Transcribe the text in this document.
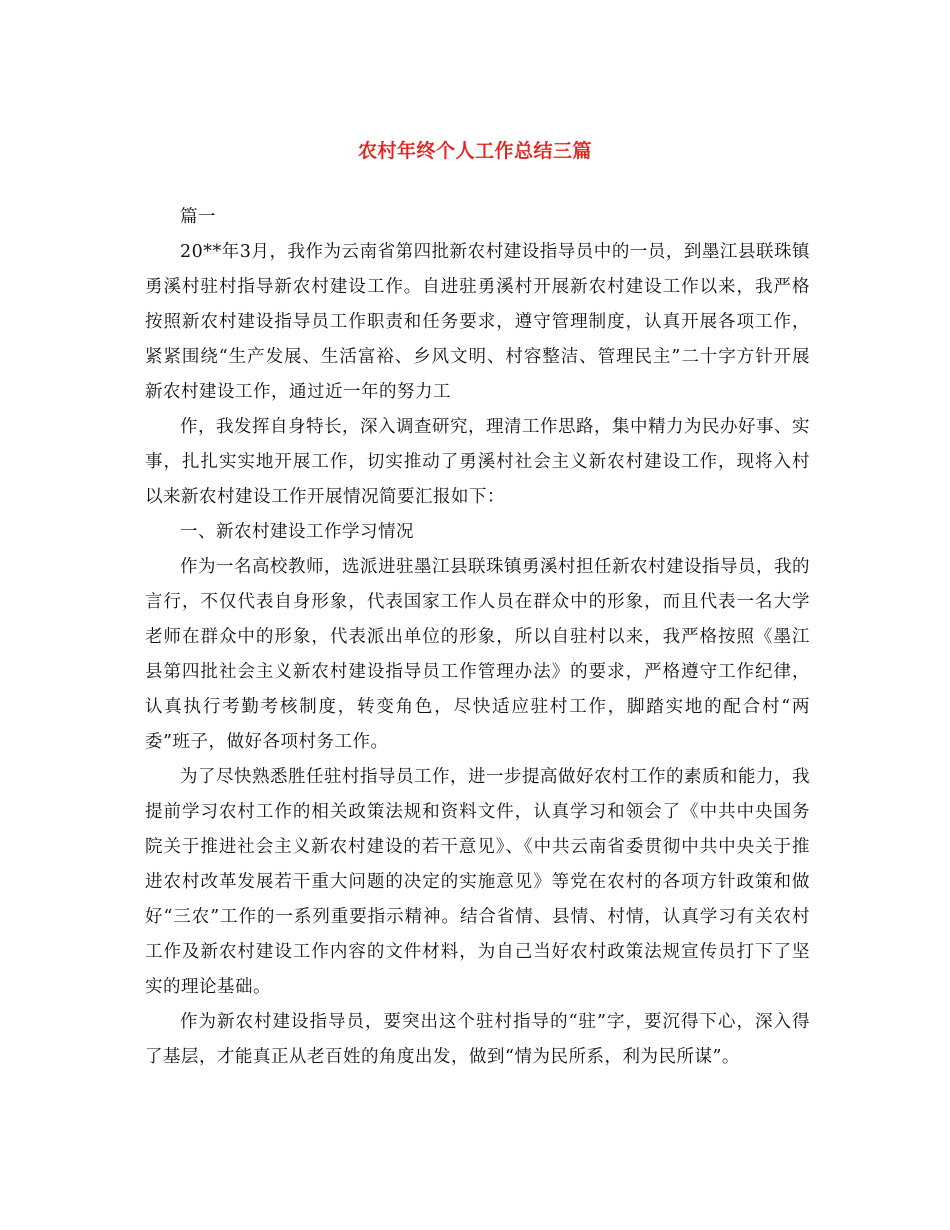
农村年终个人工作总结三篇

篇一

20**年3月，我作为云南省第四批新农村建设指导员中的一员，到墨江县联珠镇勇溪村驻村指导新农村建设工作。自进驻勇溪村开展新农村建设工作以来，我严格按照新农村建设指导员工作职责和任务要求，遵守管理制度，认真开展各项工作，紧紧围绕“生产发展、生活富裕、乡风文明、村容整洁、管理民主”二十字方针开展新农村建设工作，通过近一年的努力工

作，我发挥自身特长，深入调查研究，理清工作思路，集中精力为民办好事、实事，扎扎实实地开展工作，切实推动了勇溪村社会主义新农村建设工作，现将入村以来新农村建设工作开展情况简要汇报如下：

一、新农村建设工作学习情况

作为一名高校教师，选派进驻墨江县联珠镇勇溪村担任新农村建设指导员，我的言行，不仅代表自身形象，代表国家工作人员在群众中的形象，而且代表一名大学老师在群众中的形象，代表派出单位的形象，所以自驻村以来，我严格按照《墨江县第四批社会主义新农村建设指导员工作管理办法》的要求，严格遵守工作纪律，认真执行考勤考核制度，转变角色，尽快适应驻村工作，脚踏实地的配合村“两委”班子，做好各项村务工作。

为了尽快熟悉胜任驻村指导员工作，进一步提高做好农村工作的素质和能力，我提前学习农村工作的相关政策法规和资料文件，认真学习和领会了《中共中央国务院关于推进社会主义新农村建设的若干意见》、《中共云南省委贯彻中共中央关于推进农村改革发展若干重大问题的决定的实施意见》等党在农村的各项方针政策和做好“三农”工作的一系列重要指示精神。结合省情、县情、村情，认真学习有关农村工作及新农村建设工作内容的文件材料，为自己当好农村政策法规宣传员打下了坚实的理论基础。

作为新农村建设指导员，要突出这个驻村指导的“驻”字，要沉得下心，深入得了基层，才能真正从老百姓的角度出发，做到“情为民所系，利为民所谋”。
